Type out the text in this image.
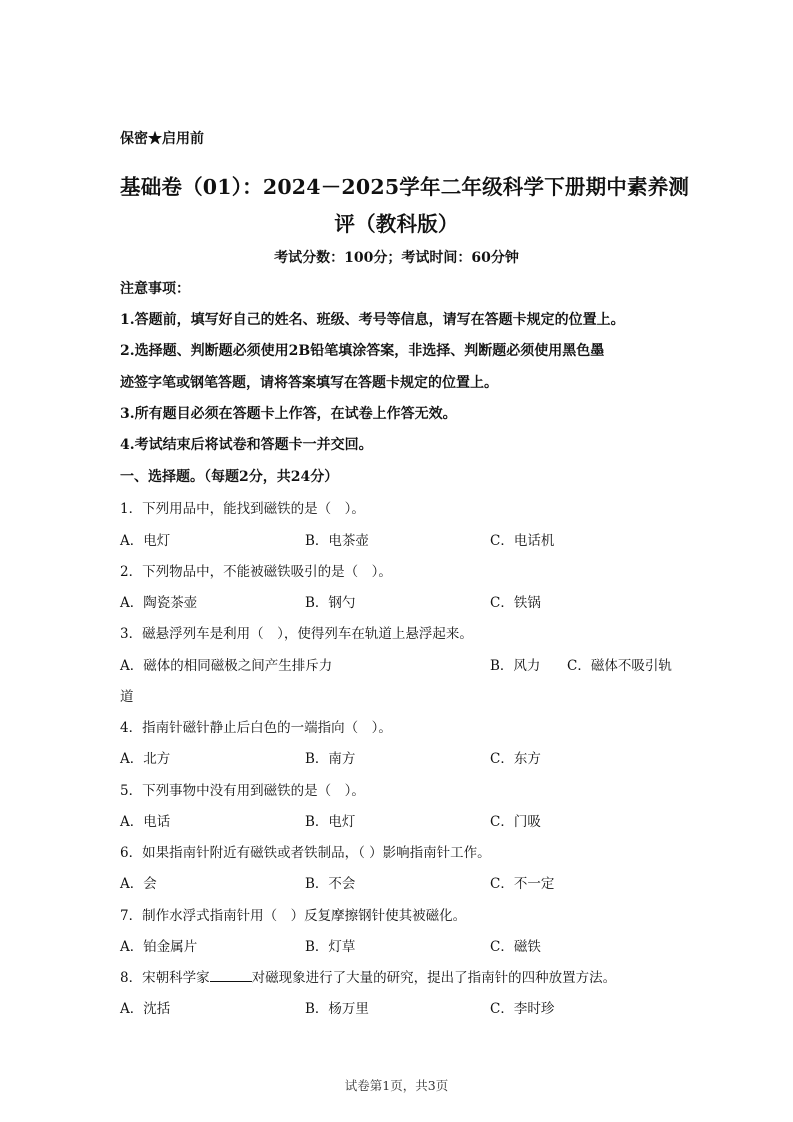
保密★启用前
基础卷（01）：2024－2025学年二年级科学下册期中素养测
评（教科版）
考试分数：100分；考试时间：60分钟
注意事项：
1.答题前，填写好自己的姓名、班级、考号等信息，请写在答题卡规定的位置上。
2.选择题、判断题必须使用2B铅笔填涂答案，非选择、判断题必须使用黑色墨
迹签字笔或钢笔答题，请将答案填写在答题卡规定的位置上。
3.所有题目必须在答题卡上作答，在试卷上作答无效。
4.考试结束后将试卷和答题卡一并交回。
一、选择题。（每题2分，共24分）
1．下列用品中，能找到磁铁的是（　）。
A．电灯	B．电茶壶	C．电话机
2．下列物品中，不能被磁铁吸引的是（　）。
A．陶瓷茶壶	B．钢勺	C．铁锅
3．磁悬浮列车是利用（　），使得列车在轨道上悬浮起来。
A．磁体的相同磁极之间产生排斥力	B．风力 C．磁体不吸引轨
道
4．指南针磁针静止后白色的一端指向（　）。
A．北方	B．南方	C．东方
5．下列事物中没有用到磁铁的是（　）。
A．电话	B．电灯	C．门吸
6．如果指南针附近有磁铁或者铁制品，（ ）影响指南针工作。
A．会	B．不会	C．不一定
7．制作水浮式指南针用（　）反复摩擦钢针使其被磁化。
A．铂金属片	B．灯草	C．磁铁
8．宋朝科学家	对磁现象进行了大量的研究，提出了指南针的四种放置方法。
A．沈括	B．杨万里	C．李时珍
试卷第1页，共3页
